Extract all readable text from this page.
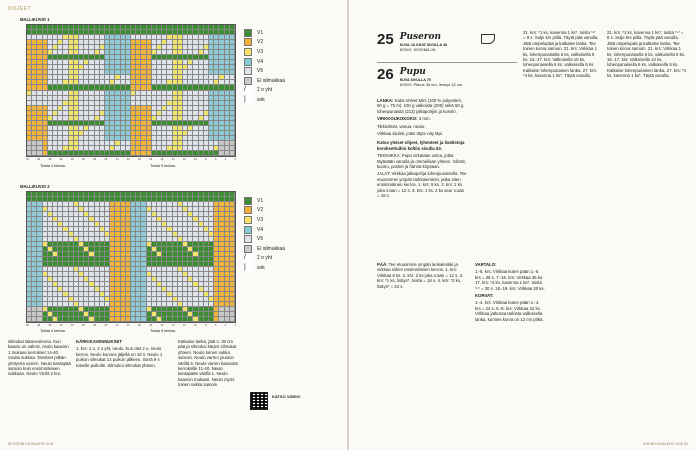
OHJEET
MALLIKUVIO 1
40	38	36	34	32	30	28	26	24	22	20	18	16	14	12	10	8	6	4	2
Toista 4 kertaa.	Toista 9 kertaa.
V1
V2
V3
V4
V5
Ei silmukkaa
/	2 o yht
|	sok
MALLIKUVIO 2
40	38	36	34	32	30	28	26	24	22	20	18	16	14	12	10	8	6	4	2
Toista 4 kertaa.	Toista 9 kertaa.
V1
V2
V3
V4
V5
Ei silmukkaa
/	2 o yht
|	sok

silmukat takaneuleena. Kun kaavio on valmis, neulo kaavion 1 mukaan kerrokset 14-40. Sovita sukkaa. Tarvitset pitkän ylettyvän varren. Neulo kantapää samoin kuin ensimmäiseen sukkaan. Neulo Y5:llä 2 krs.

KÄRKIKAVENNUKSET

1. krs: 1 o, 2 o yht, neulo. Kun olet 2 o, neulo kerros. Neulo kunnes jäljellä on 18 s. Neulo 1 puikon silmukat 14 puikon jälkeen. Siirrä 9 s toiselle puikolle. Silmukoi silmukat yhteen.

Katkaise lanka, jätä n. 30 cm pää ja silmukoi kärjen silmukat yhteen. Neulo toinen sukka samoin. Neulo varren jouston värillä 5. Neulo varren kaavioita kerroksille 11-40. Neulo kantapään värillä 1. Neulo kaavion mukaan. Neulo myös toinen sukka samoin.

KATSO VIDEO!
50 KODIN KUVALEHTI 4/16
25 Puseron
KUVA JA OHJE SIVULLA 48
KOKO: XS/S/M/L/XL
26 Pupu
KUVA SIVULLA 75
KOKO: Pituus 30 cm, leveys 12 cm

LANKA: Katia Velvet Mini (100 % polyesteri, 50 g = 75 m): 100 g valkoista (200) sekä 50 g lohenpunaista (213) jalkapohjiin ja korviin.

VIRKKOUKOKOKO: 3 mm.

Tikkisilmät, vanua, neula.

Virkkaa tiiviisti, jottei täyte näy läpi.

Katso yleiset ohjeet, lyhenteet ja lisätietoja keroksettuihin koltiin sivulla 63.

TEKNIIKKA: Pupu virkataan osina, jotka täytetään vanulla ja ommellaan yhteen. Silmät, kuono, posket ja hännä kirjotaan.

JALAT: Virkkaa jalkapohja lohenpunaisella. Tee etuosmmei ympäri tarkkaiemmin, jatka siten ensimmäinen kerros. 1. krs: 6 ks. 2. krs: 2 ks joka s:aan = 12 s. 3. krs: 1 ks, 2 ks seur s:aan = 18 s.

PÄÄ: Tee etuosmme ympäri lankalenkki ja virkkaa siihen ensimmäinen kerros. 1. krs: Virkkaa 6 ks. 2. krs: 2 ks joka s:aan = 12 s. 3. krs: *1 ks, lisäys*, toista = 18 s. 4. krs: *2 ks, lisäys* = 24 s.

VARTALO:

1.-6. krs: Virkkaa kuten pään 1.-6. krs = 36 s. 7.-16. krs: Virkkaa 36 ks. 17. krs: *4 ks, kavenna 1 ks*, toista *-* = 30 s. 18.-19. krs: Virkkaa 30 ks.

KORVAT:

1.-4. krs: Virkkaa kuten pään 1.-4. krs = 24 s. 5.-8. krs: Virkkaa 24 ks. Virkkaa jatkossa tarkista valkoisella lanka, kunnes korva on 12 cm pitkä.

21. krs: *1 ks, kavenna 1 ks*, toista *-* = 8 s. Sulje krs piilla. Täytä pää vanulla. Jätä ompelupää ja katkaise lanka. Tee toinen korva samoin. 21. krs: Virkkaa 1 ks, lohenpunaisella 6 ks, valkoisella 5 ks. 16.-17. krs: Valkoisella 10 ks, lohenpunaisella 6 ks, valkoisella 5 ks. Katkaise lohenpunainen lanka. 27. krs: *4 ks, kavenna 1 ks*. Täytä vanulla.

21. krs: *1 ks, kavenna 1 ks*, toista *-* = 8 s. Sulje krs piilla. Täytä pää vanulla. Jätä ompelupää ja katkaise lanka. Tee toinen korva samoin. 21. krs: Virkkaa 1 ks, lohenpunaisella 6 ks, valkoisella 5 ks. 16.-17. krs: Valkoisella 10 ks, lohenpunaisella 6 ks, valkoisella 5 ks. Katkaise lohenpunainen lanka. 27. krs: *4 ks, kavenna 1 ks*. Täytä vanulla.

KODIN KUVALEHTI 4/16 51
